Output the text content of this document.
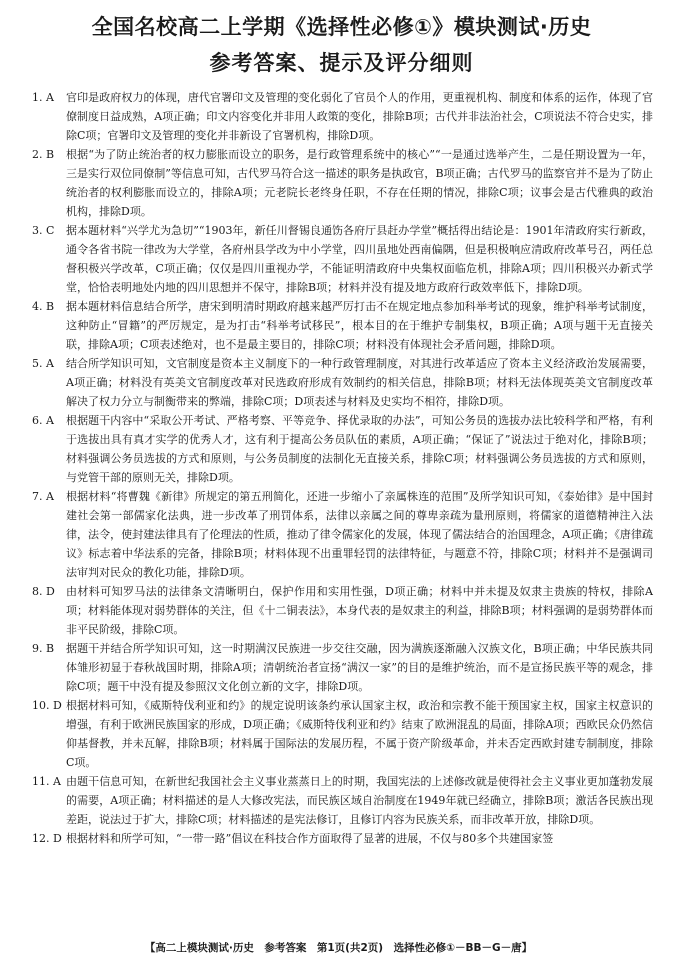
全国名校高二上学期《选择性必修①》模块测试·历史
参考答案、提示及评分细则
1. A	官印是政府权力的体现，唐代官署印文及管理的变化弱化了官员个人的作用，更重视机构、制度和体系的运作，体现了官僚制度日益成熟，A项正确；印文内容变化并非用人政策的变化，排除B项；古代并非法治社会，C项说法不符合史实，排除C项；官署印文及管理的变化并非新设了官署机构，排除D项。
2. B	根据“为了防止统治者的权力膨胀而设立的职务，是行政管理系统中的核心”“一是通过选举产生，二是任期设置为一年，三是实行双位同僚制”等信息可知，古代罗马符合这一描述的职务是执政官，B项正确；古代罗马的监察官并不是为了防止统治者的权利膨胀而设立的，排除A项；元老院长老终身任职，不存在任期的情况，排除C项；议事会是古代雅典的政治机构，排除D项。
3. C	据本题材料“兴学尤为急切”“1903年，新任川督锡良通饬各府厅县赶办学堂”概括得出结论是：1901年清政府实行新政，通令各省书院一律改为大学堂，各府州县学改为中小学堂，四川虽地处西南偏隅，但是积极响应清政府改革号召，两任总督积极兴学改革，C项正确；仅仅是四川重视办学，不能证明清政府中央集权面临危机，排除A项；四川积极兴办新式学堂，恰恰表明地处内地的四川思想并不保守，排除B项；材料并没有提及地方政府行政效率低下，排除D项。
4. B	据本题材料信息结合所学，唐宋到明清时期政府越来越严厉打击不在规定地点参加科举考试的现象，维护科举考试制度，这种防止“冒籍”的严厉规定，是为打击“科举考试移民”，根本目的在于维护专制集权，B项正确；A项与题干无直接关联，排除A项；C项表述绝对，也不是最主要目的，排除C项；材料没有体现社会矛盾问题，排除D项。
5. A	结合所学知识可知，文官制度是资本主义制度下的一种行政管理制度，对其进行改革适应了资本主义经济政治发展需要，A项正确；材料没有英美文官制度改革对民选政府形成有效制约的相关信息，排除B项；材料无法体现英美文官制度改革解决了权力分立与制衡带来的弊端，排除C项；D项表述与材料及史实均不相符，排除D项。
6. A	根据题干内容中“采取公开考试、严格考察、平等竞争、择优录取的办法”，可知公务员的选拔办法比较科学和严格，有利于选拔出具有真才实学的优秀人才，这有利于提高公务员队伍的素质，A项正确；“保证了”说法过于绝对化，排除B项；材料强调公务员选拔的方式和原则，与公务员制度的法制化无直接关系，排除C项；材料强调公务员选拔的方式和原则，与党管干部的原则无关，排除D项。
7. A	根据材料“将曹魏《新律》所规定的第五刑简化，还进一步缩小了亲属株连的范围”及所学知识可知，《泰始律》是中国封建社会第一部儒家化法典，进一步改革了刑罚体系，法律以亲属之间的尊卑亲疏为量刑原则，将儒家的道德精神注入法律，法令，使封建法律具有了伦理法的性质，推动了律令儒家化的发展，体现了儒法结合的治国理念，A项正确；《唐律疏议》标志着中华法系的完备，排除B项；材料体现不出重罪轻罚的法律特征，与题意不符，排除C项；材料并不是强调司法审判对民众的教化功能，排除D项。
8. D	由材料可知罗马法的法律条文清晰明白，保护作用和实用性强，D项正确；材料中并未提及奴隶主贵族的特权，排除A项；材料能体现对弱势群体的关注，但《十二铜表法》，本身代表的是奴隶主的利益，排除B项；材料强调的是弱势群体而非平民阶级，排除C项。
9. B	据题干并结合所学知识可知，这一时期满汉民族进一步交往交融，因为满族逐渐融入汉族文化，B项正确；中华民族共同体雏形初显于春秋战国时期，排除A项；清朝统治者宣扬“满汉一家”的目的是维护统治，而不是宣扬民族平等的观念，排除C项；题干中没有提及参照汉文化创立新的文字，排除D项。
10. D 根据材料可知，《威斯特伐利亚和约》的规定说明该条约承认国家主权，政治和宗教不能干预国家主权，国家主权意识的增强，有利于欧洲民族国家的形成，D项正确；《威斯特伐利亚和约》结束了欧洲混乱的局面，排除A项；西欧民众仍然信仰基督教，并未瓦解，排除B项；材料属于国际法的发展历程，不属于资产阶级革命，并未否定西欧封建专制制度，排除C项。
11. A 由题干信息可知，在新世纪我国社会主义事业蒸蒸日上的时期，我国宪法的上述修改就是使得社会主义事业更加蓬勃发展的需要，A项正确；材料描述的是人大修改宪法，而民族区域自治制度在1949年就已经确立，排除B项；激活各民族出现差距，说法过于扩大，排除C项；材料描述的是宪法修订，且修订内容为民族关系，而非改革开放，排除D项。
12. D 根据材料和所学可知，“一带一路”倡议在科技合作方面取得了显著的进展，不仅与80多个共建国家签
【高二上模块测试·历史　参考答案　第1页(共2页)　选择性必修①－BB－G－唐】
